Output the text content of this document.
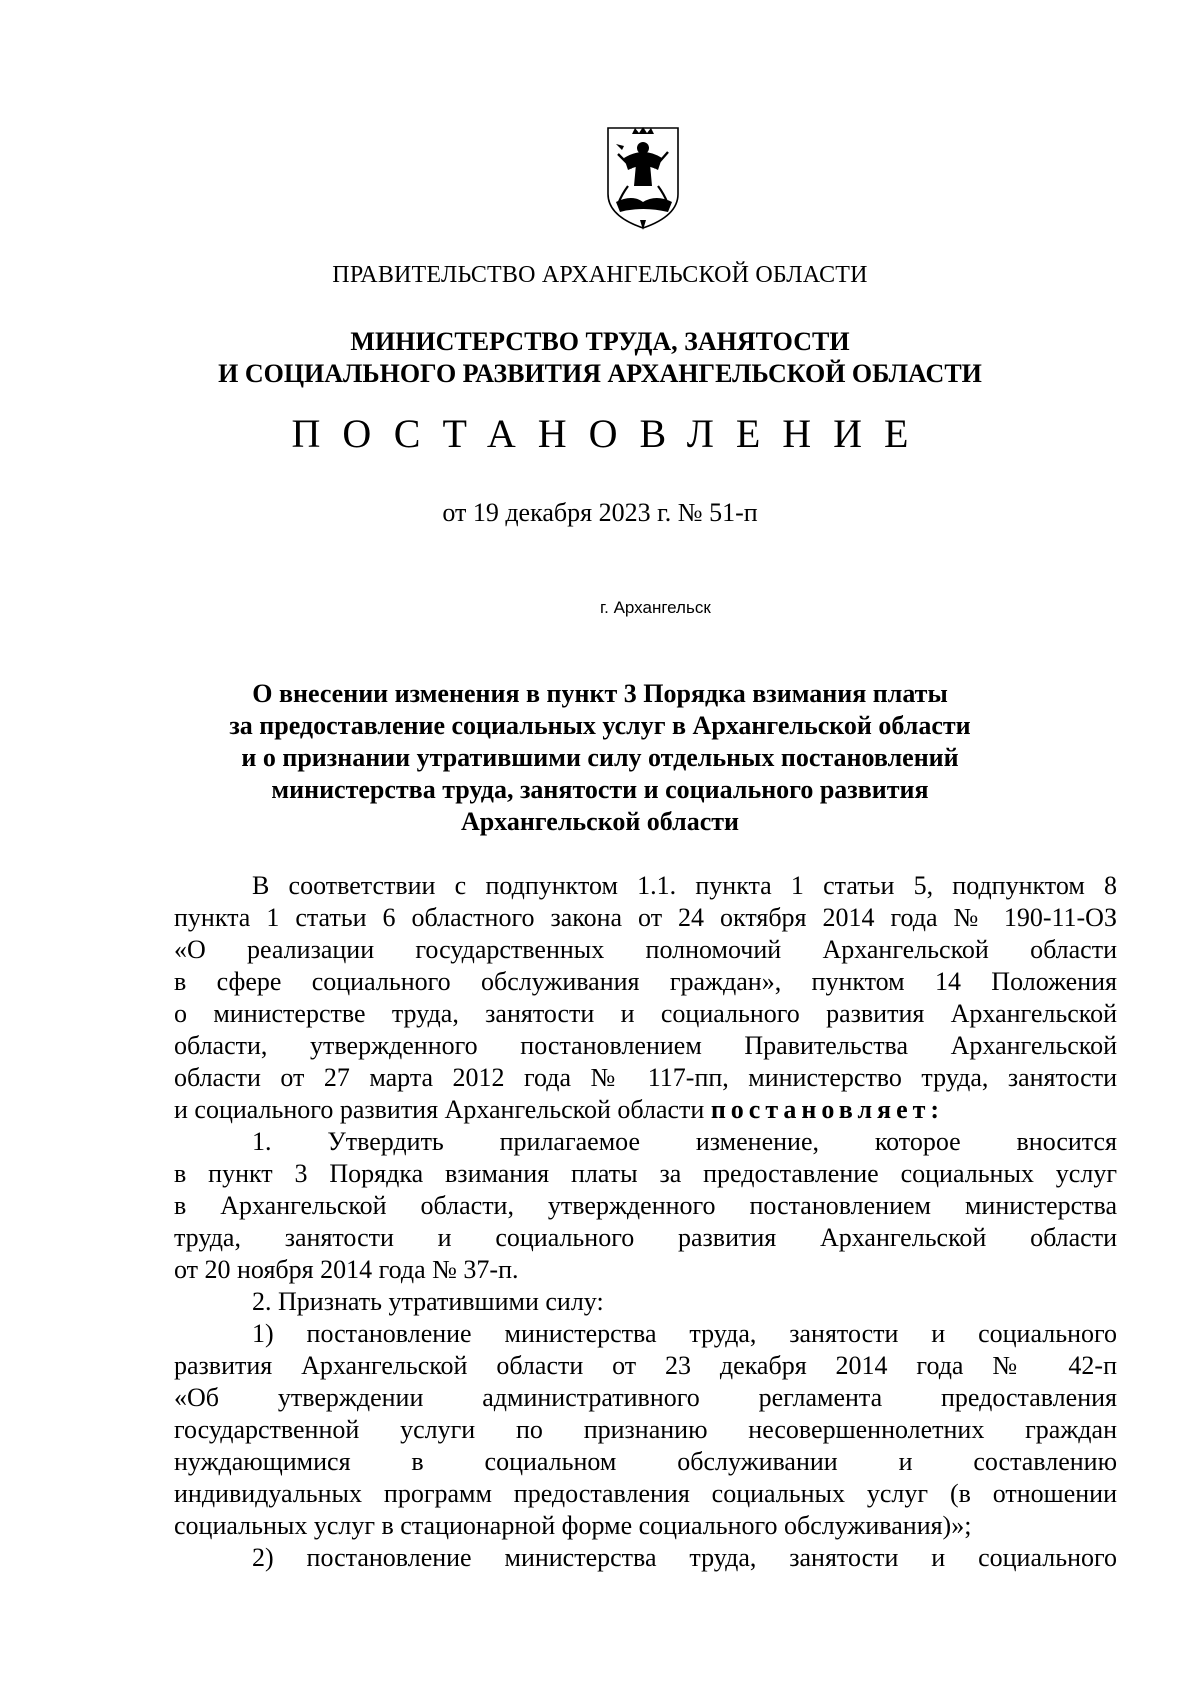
ПРАВИТЕЛЬСТВО АРХАНГЕЛЬСКОЙ ОБЛАСТИ
МИНИСТЕРСТВО ТРУДА, ЗАНЯТОСТИ
И СОЦИАЛЬНОГО РАЗВИТИЯ АРХАНГЕЛЬСКОЙ ОБЛАСТИ
ПОСТАНОВЛЕНИЕ
от 19 декабря 2023 г. № 51-п
г. Архангельск
О внесении изменения в пункт 3 Порядка взимания платы
за предоставление социальных услуг в Архангельской области
и о признании утратившими силу отдельных постановлений
министерства труда, занятости и социального развития
Архангельской области
В соответствии с подпунктом 1.1. пункта 1 статьи 5, подпунктом 8
пункта 1 статьи 6 областного закона от 24 октября 2014 года № 190-11-ОЗ
«О реализации государственных полномочий Архангельской области
в сфере социального обслуживания граждан», пунктом 14 Положения
о министерстве труда, занятости и социального развития Архангельской
области, утвержденного постановлением Правительства Архангельской
области от 27 марта 2012 года № 117-пп, министерство труда, занятости
и социального развития Архангельской области постановляет:
1. Утвердить прилагаемое изменение, которое вносится
в пункт 3 Порядка взимания платы за предоставление социальных услуг
в Архангельской области, утвержденного постановлением министерства
труда, занятости и социального развития Архангельской области
от 20 ноября 2014 года № 37-п.
2. Признать утратившими силу:
1) постановление министерства труда, занятости и социального
развития Архангельской области от 23 декабря 2014 года № 42-п
«Об утверждении административного регламента предоставления
государственной услуги по признанию несовершеннолетних граждан
нуждающимися в социальном обслуживании и составлению
индивидуальных программ предоставления социальных услуг (в отношении
социальных услуг в стационарной форме социального обслуживания)»;
2) постановление министерства труда, занятости и социального
